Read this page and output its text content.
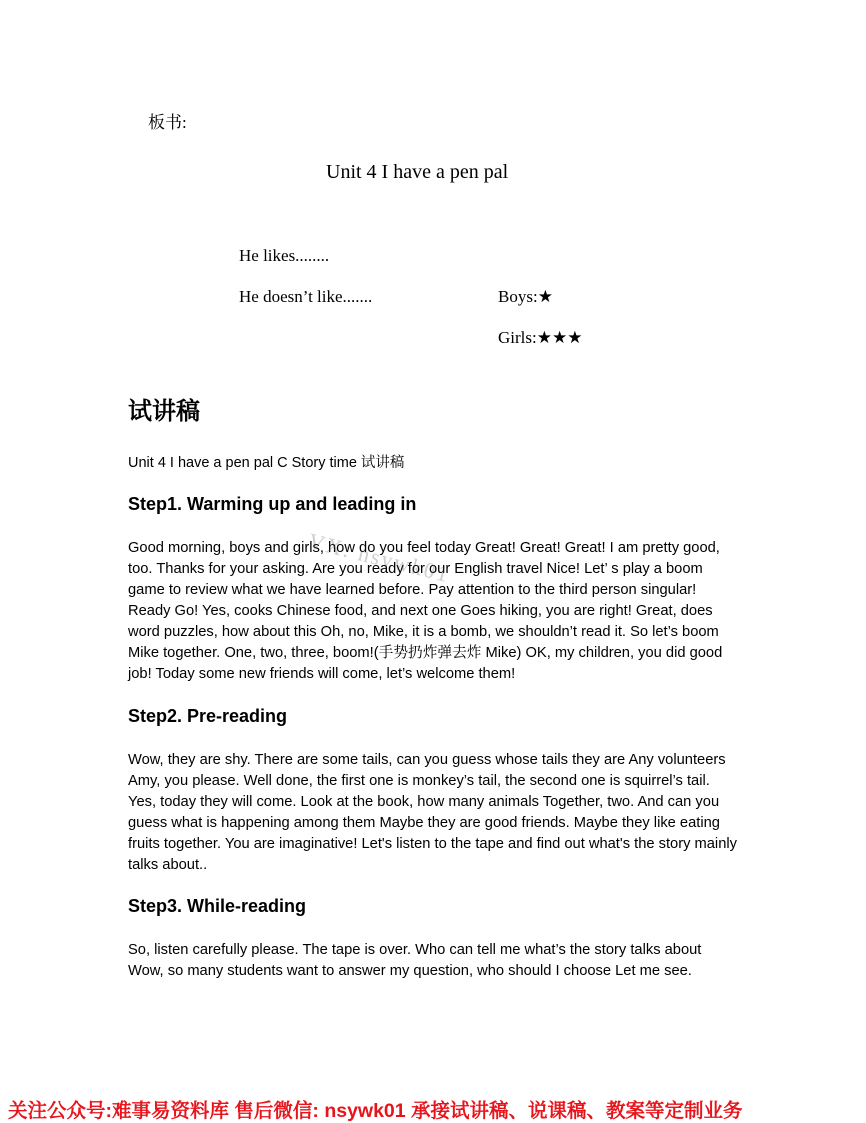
板书:
Unit 4 I have a pen pal
He likes........
He doesn’t like.......	Boys:★
Girls:★★★
试讲稿
Unit 4 I have a pen pal C Story time 试讲稿
Step1. Warming up and leading in

Good morning, boys and girls, how do you feel today Great! Great! Great! I am pretty good, too. Thanks for your asking. Are you ready for our English travel Nice! Let’ s play a boom game to review what we have learned before. Pay attention to the third person singular! Ready Go! Yes, cooks Chinese food, and next one Goes hiking, you are right! Great, does word puzzles, how about this Oh, no, Mike, it is a bomb, we shouldn’t read it. So let’s boom Mike together. One, two, three, boom!(手势扔炸弹去炸 Mike) OK, my children, you did good job! Today some new friends will come, let’s welcome them!

Step2. Pre-reading

Wow, they are shy. There are some tails, can you guess whose tails they are Any volunteers Amy, you please. Well done, the first one is monkey’s tail, the second one is squirrel’s tail. Yes, today they will come. Look at the book, how many animals Together, two. And can you guess what is happening among them Maybe they are good friends. Maybe they like eating fruits together. You are imaginative! Let's listen to the tape and find out what's the story mainly talks about..

Step3. While-reading

So, listen carefully please. The tape is over. Who can tell me what’s the story talks about Wow, so many students want to answer my question, who should I choose Let me see.

VX: nsywk01
关注公众号:难事易资料库 售后微信: nsywk01 承接试讲稿、说课稿、教案等定制业务
